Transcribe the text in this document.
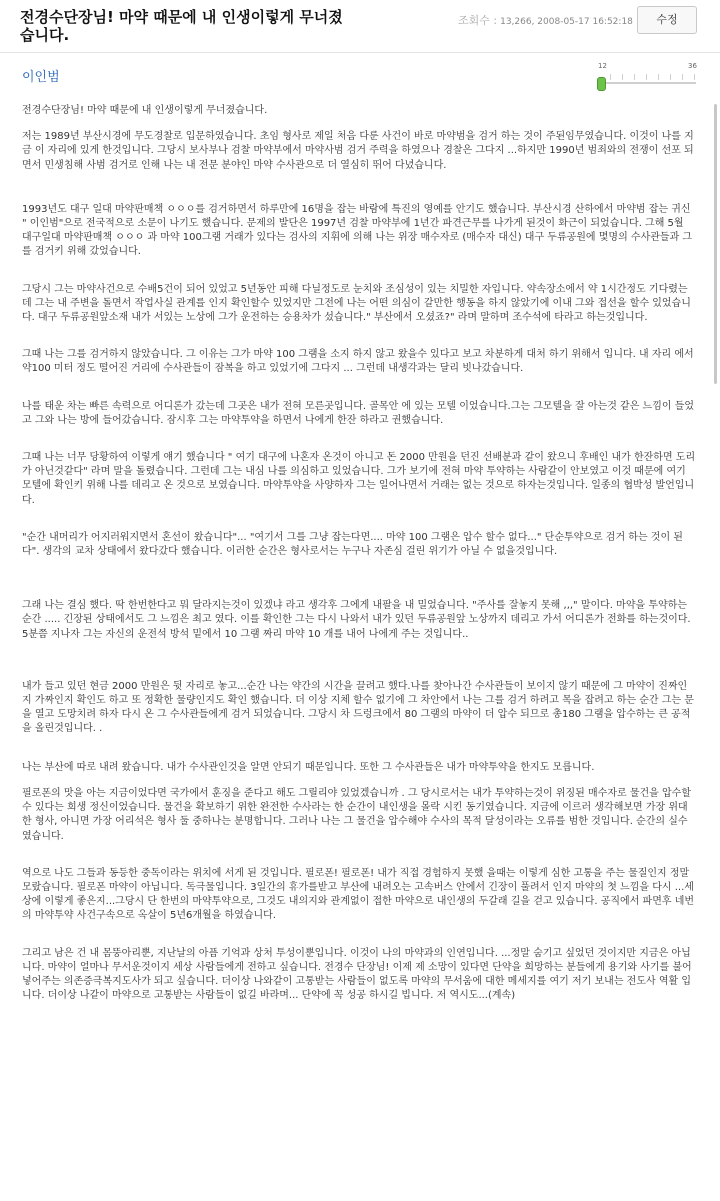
전경수단장님! 마약 때문에 내 인생이렇게 무너졌습니다.
조회수 : 13,266, 2008-05-17 16:52:18	수정
이인범
12	36

전경수단장님! 마약 때문에 내 인생이렇게 무너졌습니다.

저는 1989년 부산시경에 무도경찰로 입문하였습니다. 초임 형사로 제일 처음 다룬 사건이 바로 마약범을 검거 하는 것이 주된임무였습니다. 이것이 나를 지금 이 자리에 있게 한것입니다. 그당시 보사부나 검찰 마약부에서 마약사범 검거 주력을 하였으나 경찰은 그다지 ...하지만 1990년 범죄와의 전쟁이 선포 되면서 민생침해 사범 검거로 인해 나는 내 전문 분야인 마약 수사관으로 더 열심히 뛰어 다녔습니다.

1993년도 대구 일대 마약판매책 ㅇㅇㅇ를 검거하면서 하루만에 16명을 잡는 바람에 특진의 영예를 안기도 했습니다. 부산시경 산하에서 마약범 잡는 귀신 " 이인범"으로 전국적으로 소문이 나기도 했습니다. 문제의 발단은 1997년 검찰 마약부에 1년간 파견근무를 나가게 된것이 화근이 되었습니다. 그해 5월 대구일대 마약판매책 ㅇㅇㅇ 과 마약 100그램 거래가 있다는 검사의 지휘에 의해 나는 위장 매수자로 (매수자 대신) 대구 두류공원에 몇명의 수사관들과 그를 검거키 위해 갔었습니다.

그당시 그는 마약사건으로 수배5건이 되어 있었고 5년동안 피해 다닐정도로 눈치와 조심성이 있는 치밀한 자입니다. 약속장소에서 약 1시간정도 기다렸는데 그는 내 주변을 돌면서 작업사실 관계를 인지 확인할수 있었지만 그전에 나는 어떤 의심이 갈만한 행동을 하지 않았기에 이내 그와 접선을 할수 있었습니다. 대구 두류공원앞소재 내가 서있는 노상에 그가 운전하는 승용차가 섰습니다." 부산에서 오셨죠?" 라며 말하며 조수석에 타라고 하는것입니다.

그때 나는 그를 검거하지 않았습니다. 그 이유는 그가 마약 100 그램을 소지 하지 않고 왔을수 있다고 보고 차분하게 대처 하기 위해서 입니다. 내 자리 에서 약100 미터 정도 떨어진 거리에 수사관들이 잠복을 하고 있었기에 그다지 ... 그런데 내생각과는 달리 빗나갔습니다.

나를 태운 차는 빠른 속력으로 어디론가 갔는데 그곳은 내가 전혀 모른곳입니다. 골목안 에 있는 모텔 이었습니다.그는 그모텔을 잘 아는것 같은 느낌이 들었고 그와 나는 방에 들어갔습니다. 잠시후 그는 마약투약을 하면서 나에게 한잔 하라고 권했습니다.

그때 나는 너무 당황하여 이렇게 얘기 했습니다 " 여기 대구에 나혼자 온것이 아니고 돈 2000 만원을 던진 선배분과 같이 왔으니 후배인 내가 한잔하면 도리가 아닌것같다" 라며 말을 돌렸습니다. 그런데 그는 내심 나를 의심하고 있었습니다. 그가 보기에 전혀 마약 투약하는 사람같이 안보였고 이것 때문에 여기 모텔에 확인키 위해 나를 데리고 온 것으로 보였습니다. 마약투약을 사양하자 그는 일어나면서 거래는 없는 것으로 하자는것입니다. 일종의 협박성 발언입니다.

"순간 내머리가 어지러워지면서 혼선이 왔습니다"... "여기서 그를 그냥 잡는다면.... 마약 100 그램은 압수 할수 없다..." 단순투약으로 검거 하는 것이 된다". 생각의 교차 상태에서 왔다갔다 했습니다. 이러한 순간은 형사로서는 누구나 자존심 걸린 위기가 아닐 수 없을것입니다.

그래 나는 결심 했다. 딱 한번한다고 뭐 달라지는것이 있겠냐 라고 생각후 그에게 내팔을 내 밀었습니다. "주사를 잘놓지 못해 ,,," 말이다. 마약을 투약하는순간 ..... 긴장된 상태에서도 그 느낌은 최고 였다. 이를 확인한 그는 다시 나와서 내가 있던 두류공원앞 노상까지 데리고 가서 어디론가 전화를 하는것이다. 5분쯤 지나자 그는 자신의 운전석 방석 밑에서 10 그램 짜리 마약 10 개를 내어 나에게 주는 것입니다..

내가 들고 있던 현금 2000 만원은 뒷 자리로 놓고...순간 나는 약간의 시간을 끌려고 했다.나를 찾아나간 수사관들이 보이지 않기 때문에 그 마약이 진짜인지 가짜인지 확인도 하고 또 정확한 물량인지도 확인 했습니다. 더 이상 지체 할수 없기에 그 차안에서 나는 그를 검거 하려고 목을 잡려고 하는 순간 그는 문을 열고 도망치려 하자 다시 온 그 수사관들에게 검거 되었습니다. 그당시 차 드렁크에서 80 그램의 마약이 더 압수 되므로 총180 그램을 압수하는 큰 공적을 올린것입니다. .

나는 부산에 따로 내려 왔습니다. 내가 수사관인것을 알면 안되기 때문입니다. 또한 그 수사관들은 내가 마약투약을 한지도 모릅니다.

필로폰의 맛을 아는 지금이었다면 국가에서 훈징을 준다고 해도 그릴리야 있었겠습니까 . 그 당시로서는 내가 투약하는것이 위징된 매수자로 물건을 압수할수 있다는 희생 정신이었습니다. 물건을 확보하기 위한 완전한 수사라는 한 순간이 내인생을 몰락 시킨 동기였습니다. 지금에 이르러 생각해보면 가장 위대한 형사, 아니면 가장 어리석은 형사 둘 중하나는 분명합니다. 그러나 나는 그 물건을 압수해야 수사의 목적 달성이라는 오류를 범한 것입니다. 순간의 실수 였습니다.

역으로 나도 그들과 동등한 중독이라는 위치에 서게 된 것입니다. 필로폰! 필로폰! 내가 직접 경험하지 못했 을때는 이렇게 심한 고통을 주는 물질인지 정말 모랐습니다. 필로폰 마약이 아닙니다. 독극물입니다. 3일간의 휴가를받고 부산에 내려오는 고속버스 안에서 긴장이 풀려서 인지 마약의 첫 느낌을 다시 ...세상에 이렇게 좋은지...그당시 단 한번의 마약투약으로, 그것도 내의지와 관계없이 접한 마약으로 내인생의 두갈래 길을 걷고 있습니다. 공직에서 파면후 네번의 마약투약 사건구속으로 옥살이 5년6개월을 하였습니다.

그리고 남은 건 내 몸뚱아리뿐, 지난날의 아픔 기억과 상처 투성이뿐입니다. 이것이 나의 마약과의 인연입니다. ...정말 숨기고 싶었던 것이지만 지금은 아닙니다. 마약이 얼마나 무서운것이지 세상 사람들에게 전하고 싶습니다. 전경수 단장님! 이제 제 소망이 있다면 단약을 희망하는 분들에게 용기와 사기를 불어 넣어주는 의존증극복지도사가 되고 싶습니다. 더이상 나와같이 고통받는 사람들이 없도록 마약의 무서움에 대한 메세지를 여기 저기 보내는 전도사 역활 입니다. 더이상 나같이 마약으로 고통받는 사람들이 없길 바라며... 단약에 꼭 성공 하시길 빕니다. 저 역시도...(계속)
